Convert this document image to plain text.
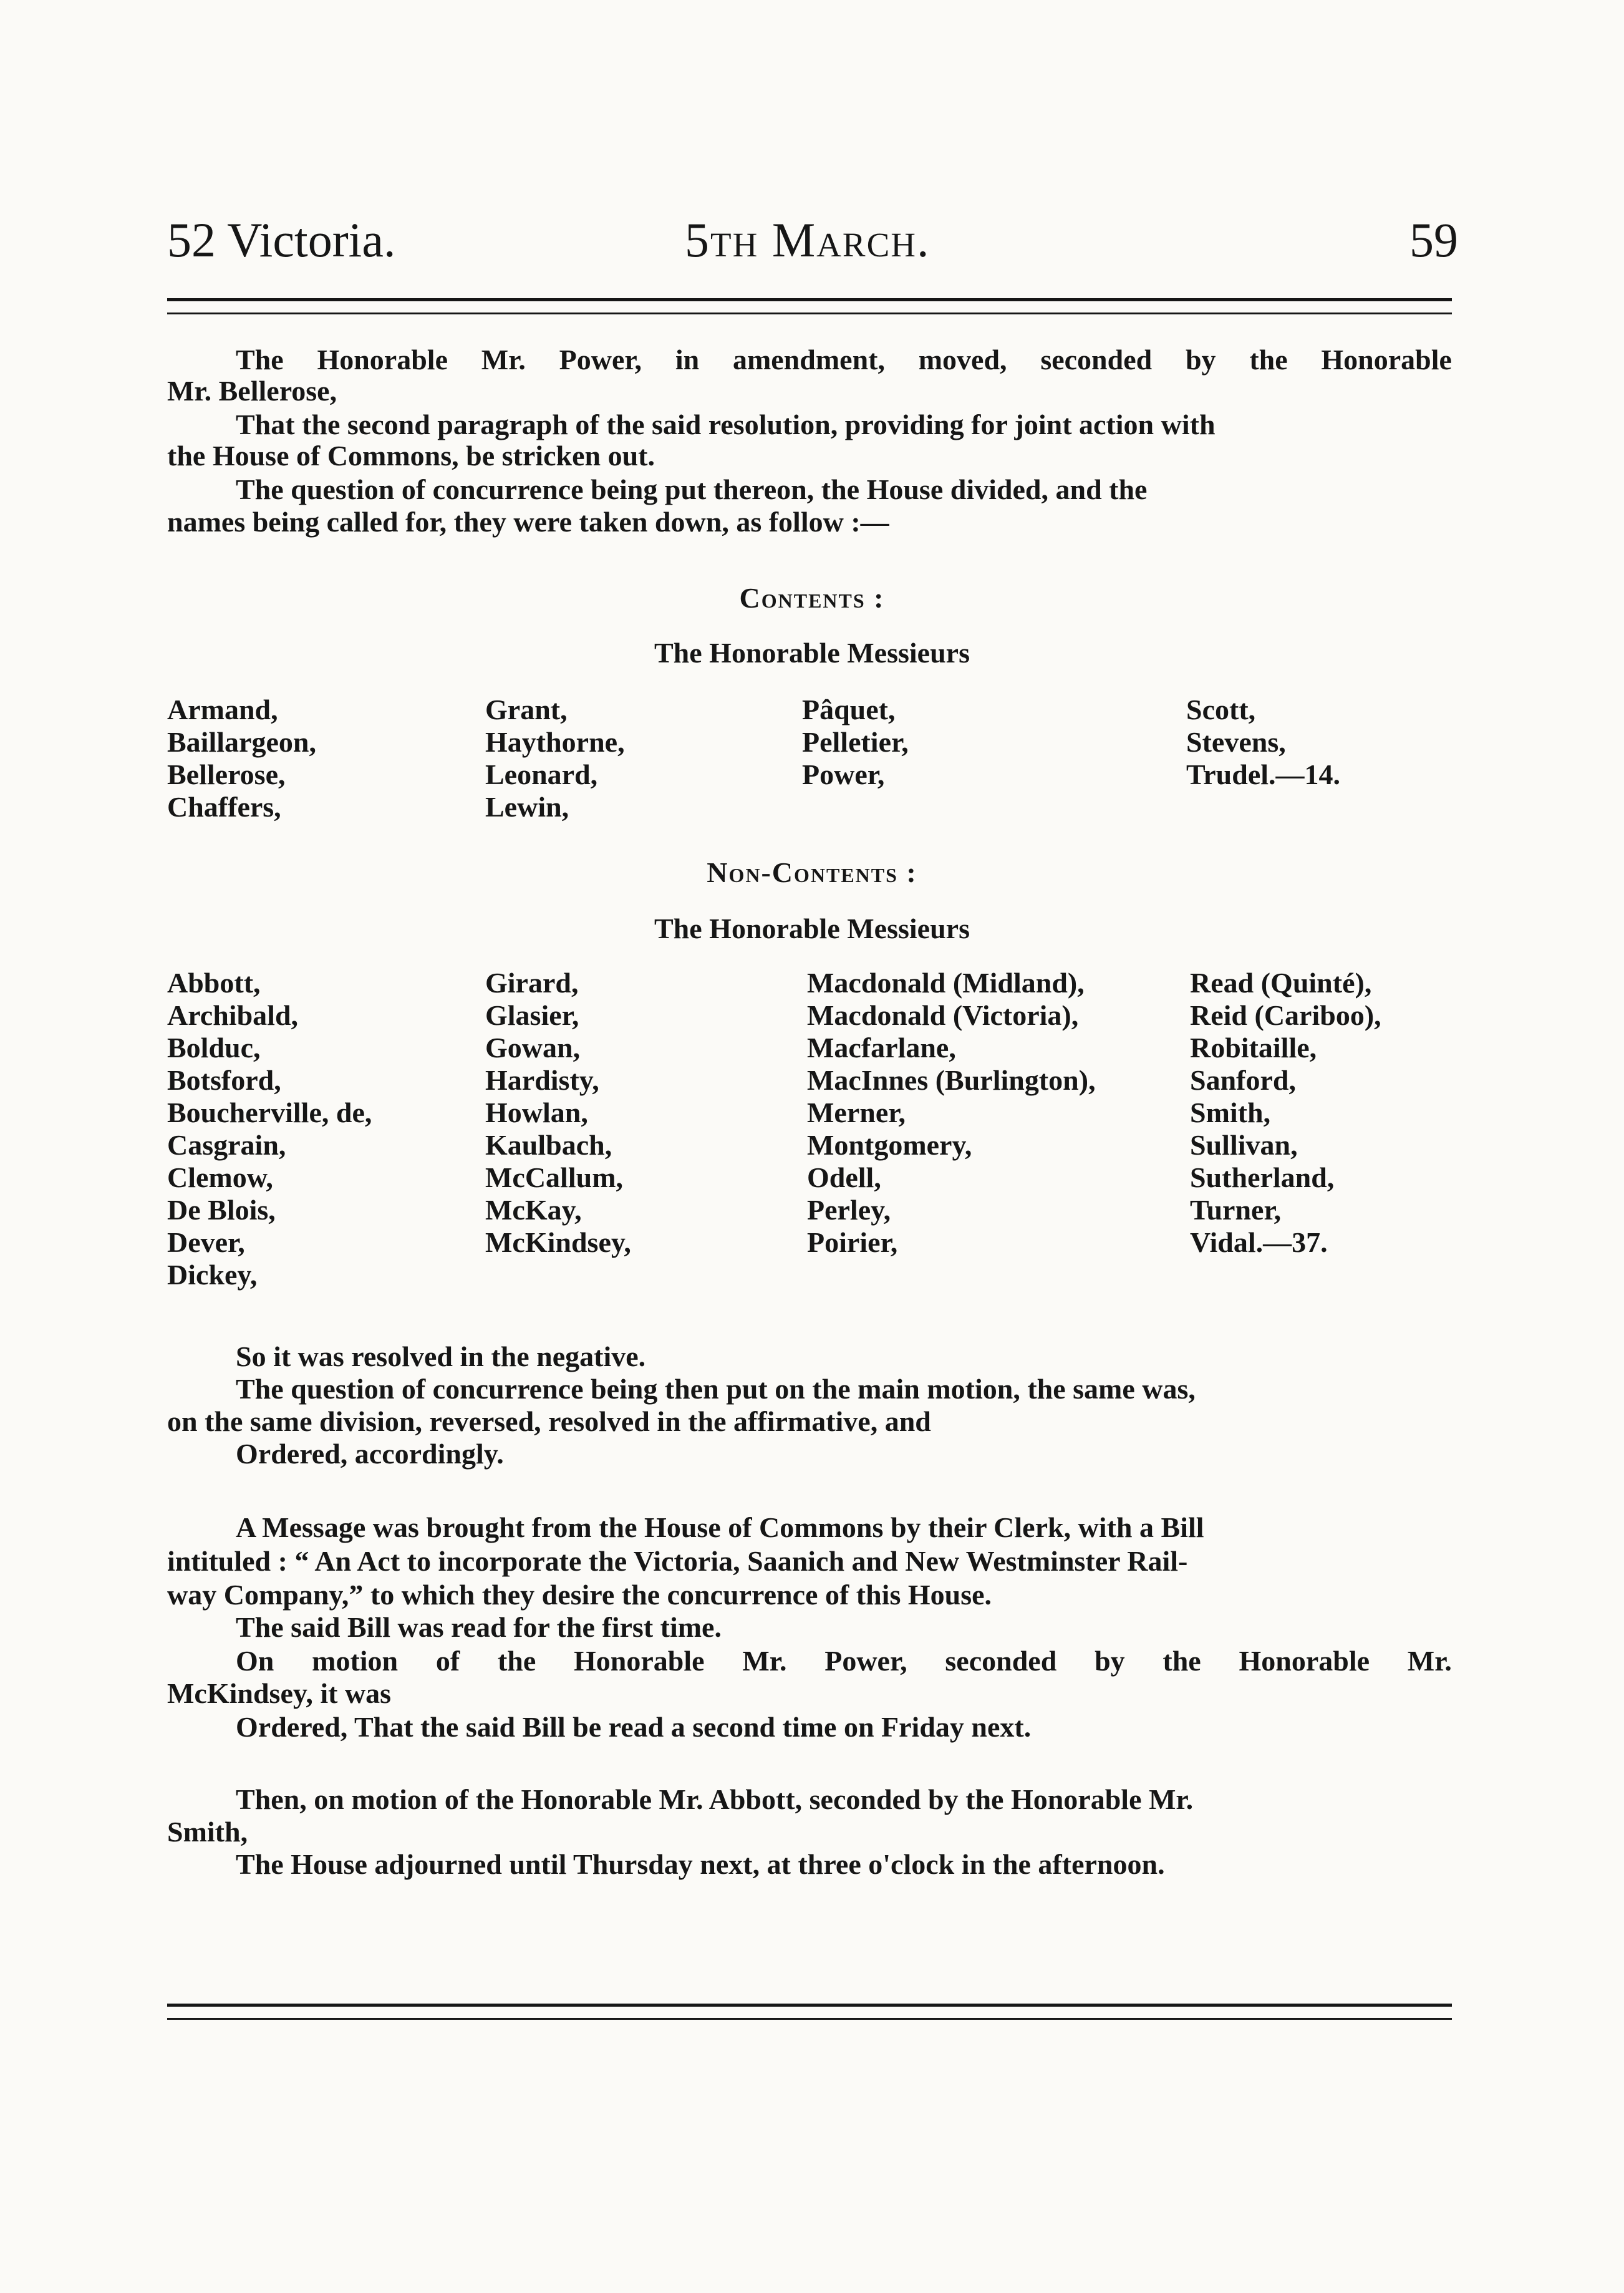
52 Victoria.	5th March.	59
The Honorable Mr. Power, in amendment, moved, seconded by the Honorable
Mr. Bellerose,
That the second paragraph of the said resolution, providing for joint action with
the House of Commons, be stricken out.
The question of concurrence being put thereon, the House divided, and the
names being called for, they were taken down, as follow :—
Contents :
The Honorable Messieurs
Armand,
Baillargeon,
Bellerose,
Chaffers,
Grant,
Haythorne,
Leonard,
Lewin,
Pâquet,
Pelletier,
Power,
Scott,
Stevens,
Trudel.—14.
Non-Contents :
The Honorable Messieurs
Abbott,
Archibald,
Bolduc,
Botsford,
Boucherville, de,
Casgrain,
Clemow,
De Blois,
Dever,
Dickey,
Girard,
Glasier,
Gowan,
Hardisty,
Howlan,
Kaulbach,
McCallum,
McKay,
McKindsey,
Macdonald (Midland),
Macdonald (Victoria),
Macfarlane,
MacInnes (Burlington),
Merner,
Montgomery,
Odell,
Perley,
Poirier,
Read (Quinté),
Reid (Cariboo),
Robitaille,
Sanford,
Smith,
Sullivan,
Sutherland,
Turner,
Vidal.—37.
So it was resolved in the negative.
The question of concurrence being then put on the main motion, the same was,
on the same division, reversed, resolved in the affirmative, and
Ordered, accordingly.
A Message was brought from the House of Commons by their Clerk, with a Bill
intituled : “ An Act to incorporate the Victoria, Saanich and New Westminster Rail-
way Company,” to which they desire the concurrence of this House.
The said Bill was read for the first time.
On motion of the Honorable Mr. Power, seconded by the Honorable Mr.
McKindsey, it was
Ordered, That the said Bill be read a second time on Friday next.
Then, on motion of the Honorable Mr. Abbott, seconded by the Honorable Mr.
Smith,
The House adjourned until Thursday next, at three o'clock in the afternoon.
